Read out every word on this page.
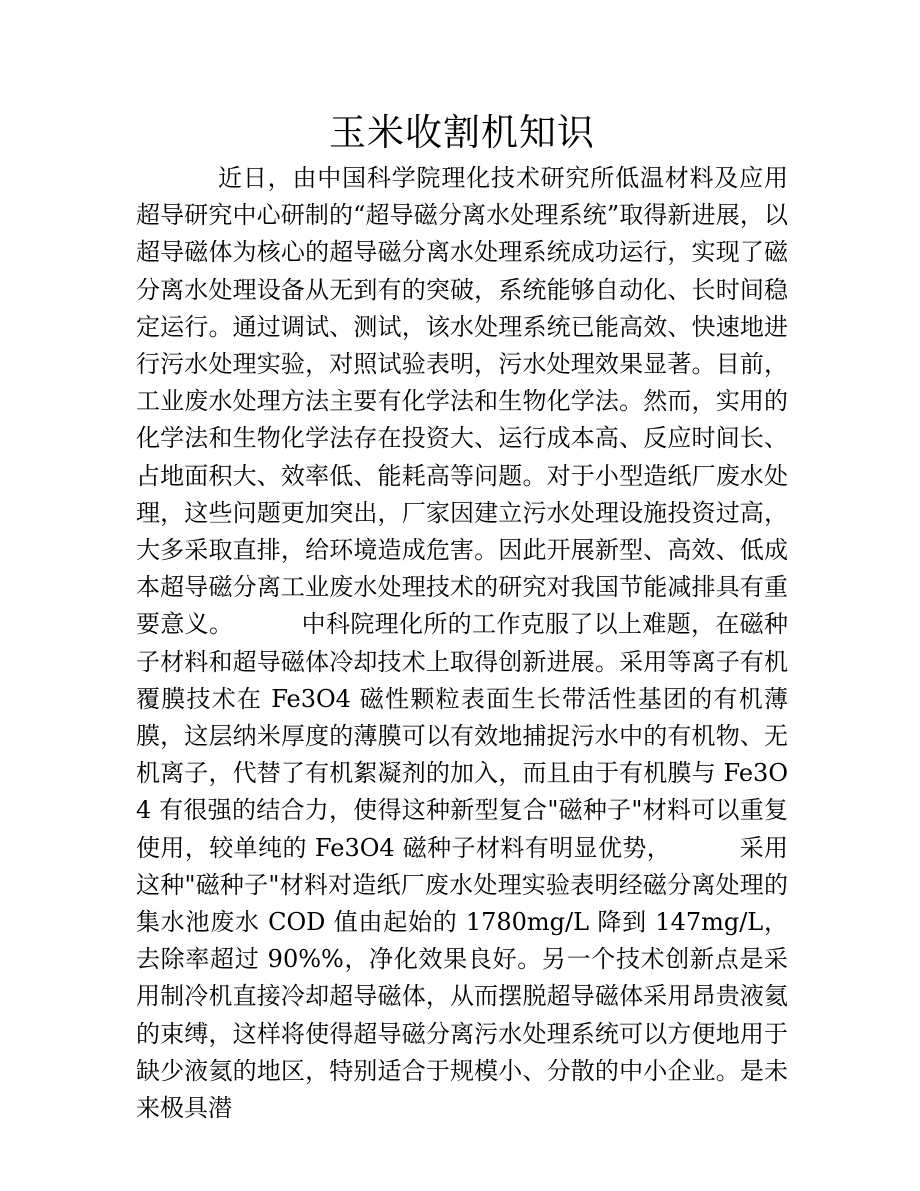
玉米收割机知识

近日，由中国科学院理化技术研究所低温材料及应用超导研究中心研制的“超导磁分离水处理系统”取得新进展，以超导磁体为核心的超导磁分离水处理系统成功运行，实现了磁分离水处理设备从无到有的突破，系统能够自动化、长时间稳定运行。通过调试、测试，该水处理系统已能高效、快速地进行污水处理实验，对照试验表明，污水处理效果显著。目前，工业废水处理方法主要有化学法和生物化学法。然而，实用的化学法和生物化学法存在投资大、运行成本高、反应时间长、占地面积大、效率低、能耗高等问题。对于小型造纸厂废水处理，这些问题更加突出，厂家因建立污水处理设施投资过高，大多采取直排，给环境造成危害。因此开展新型、高效、低成本超导磁分离工业废水处理技术的研究对我国节能减排具有重要意义。	中科院理化所的工作克服了以上难题，在磁种子材料和超导磁体冷却技术上取得创新进展。采用等离子有机覆膜技术在 Fe3O4 磁性颗粒表面生长带活性基团的有机薄膜，这层纳米厚度的薄膜可以有效地捕捉污水中的有机物、无机离子，代替了有机絮凝剂的加入，而且由于有机膜与 Fe3O4 有很强的结合力，使得这种新型复合"磁种子"材料可以重复使用，较单纯的 Fe3O4 磁种子材料有明显优势，	采用这种"磁种子"材料对造纸厂废水处理实验表明经磁分离处理的集水池废水 COD 值由起始的 1780mg/L 降到 147mg/L，去除率超过 90%%，净化效果良好。另一个技术创新点是采用制冷机直接冷却超导磁体，从而摆脱超导磁体采用昂贵液氦的束缚，这样将使得超导磁分离污水处理系统可以方便地用于缺少液氦的地区，特别适合于规模小、分散的中小企业。是未来极具潜
